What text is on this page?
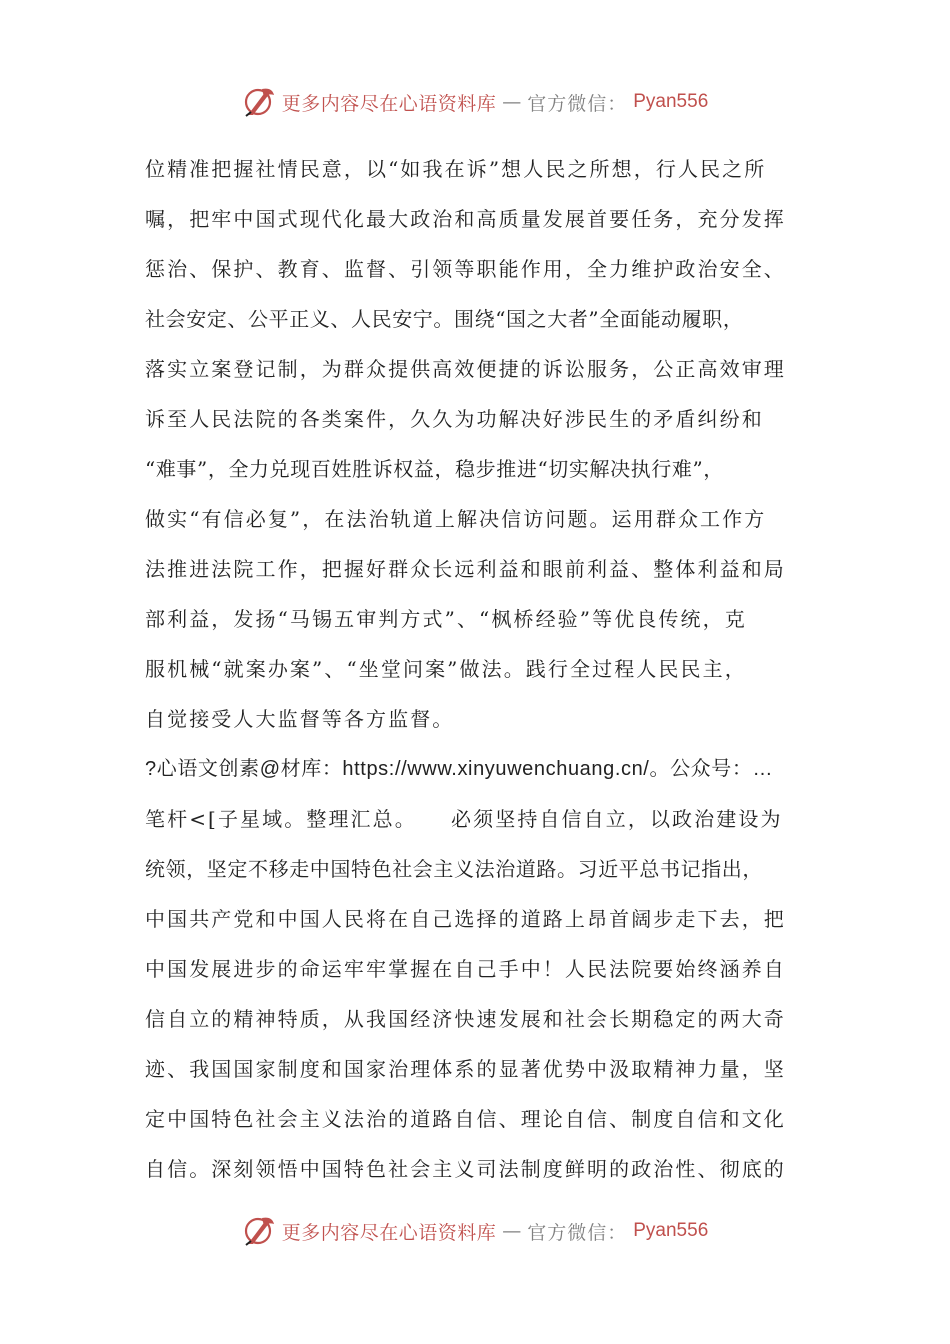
更多内容尽在心语资料库 — 官方微信： Pyan556
位精准把握社情民意，以“如我在诉”想人民之所想，行人民之所
嘱，把牢中国式现代化最大政治和高质量发展首要任务，充分发挥
惩治、保护、教育、监督、引领等职能作用，全力维护政治安全、
社会安定、公平正义、人民安宁。围绕“国之大者”全面能动履职，
落实立案登记制，为群众提供高效便捷的诉讼服务，公正高效审理
诉至人民法院的各类案件，久久为功解决好涉民生的矛盾纠纷和
“难事”，全力兑现百姓胜诉权益，稳步推进“切实解决执行难”，
做实“有信必复”，在法治轨道上解决信访问题。运用群众工作方
法推进法院工作，把握好群众长远利益和眼前利益、整体利益和局
部利益，发扬“马锡五审判方式”、“枫桥经验”等优良传统，克
服机械“就案办案”、“坐堂问案”做法。践行全过程人民民主，
自觉接受人大监督等各方监督。
?心语文创素@材库：https://www.xinyuwenchuang.cn/。公众号：…
笔杆<[子星域。整理汇总。　　必须坚持自信自立，以政治建设为
统领，坚定不移走中国特色社会主义法治道路。习近平总书记指出，
中国共产党和中国人民将在自己选择的道路上昂首阔步走下去，把
中国发展进步的命运牢牢掌握在自己手中！人民法院要始终涵养自
信自立的精神特质，从我国经济快速发展和社会长期稳定的两大奇
迹、我国国家制度和国家治理体系的显著优势中汲取精神力量，坚
定中国特色社会主义法治的道路自信、理论自信、制度自信和文化
自信。深刻领悟中国特色社会主义司法制度鲜明的政治性、彻底的
更多内容尽在心语资料库 — 官方微信： Pyan556
